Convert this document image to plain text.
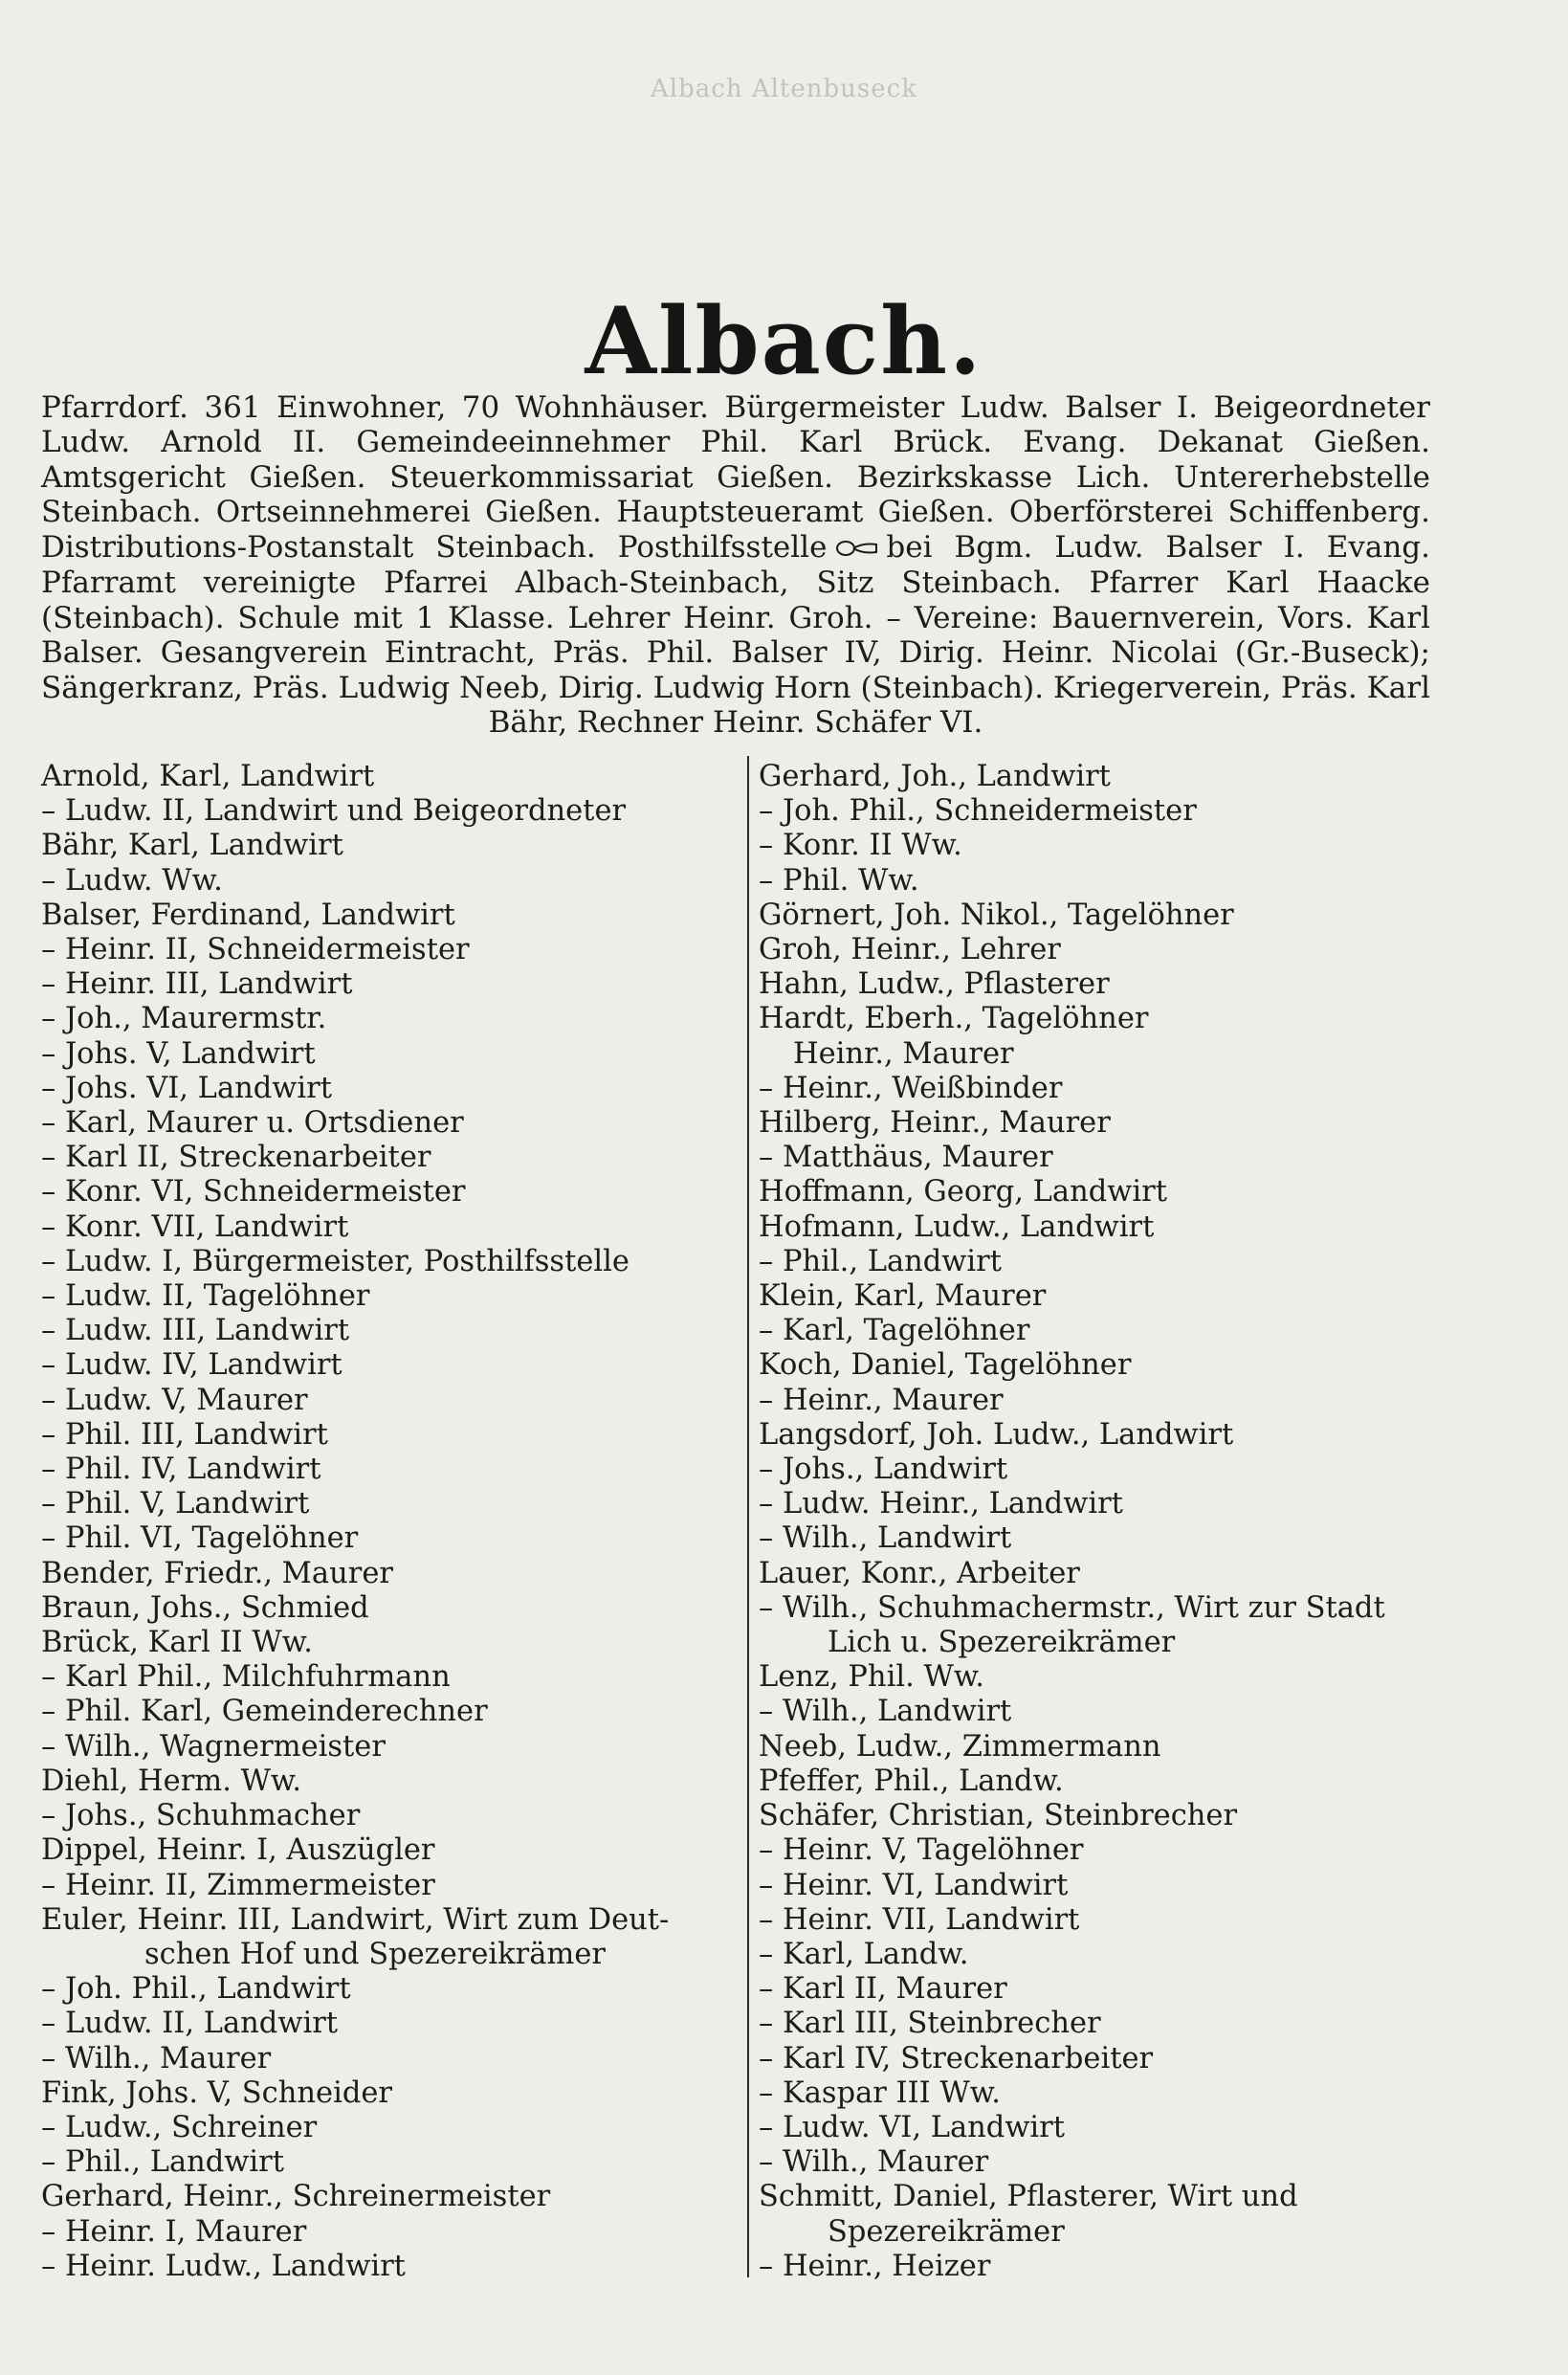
Albach Altenbuseck
Albach.

Pfarrdorf. 361 Einwohner, 70 Wohnhäuser. Bürgermeister Ludw. Balser I. Beigeordneter Ludw. Arnold II. Gemeindeeinnehmer Phil. Karl Brück. Evang. Dekanat Gießen. Amtsgericht Gießen. Steuerkommissariat Gießen. Bezirkskasse Lich. Untererhebstelle Steinbach. Ortseinnehmerei Gießen. Hauptsteueramt Gießen. Oberförsterei Schiffenberg. Distributions-Postanstalt Steinbach. Posthilfsstelle bei Bgm. Ludw. Balser I. Evang. Pfarramt vereinigte Pfarrei Albach-Steinbach, Sitz Steinbach. Pfarrer Karl Haacke (Steinbach). Schule mit 1 Klasse. Lehrer Heinr. Groh. – Vereine: Bauernverein, Vors. Karl Balser. Gesangverein Eintracht, Präs. Phil. Balser IV, Dirig. Heinr. Nicolai (Gr.-Buseck); Sängerkranz, Präs. Ludwig Neeb, Dirig. Ludwig Horn (Steinbach). Kriegerverein, Präs. Karl Bähr, Rechner Heinr. Schäfer VI.

Arnold, Karl, Landwirt
– Ludw. II, Landwirt und Beigeordneter
Bähr, Karl, Landwirt
– Ludw. Ww.
Balser, Ferdinand, Landwirt
– Heinr. II, Schneidermeister
– Heinr. III, Landwirt
– Joh., Maurermstr.
– Johs. V, Landwirt
– Johs. VI, Landwirt
– Karl, Maurer u. Ortsdiener
– Karl II, Streckenarbeiter
– Konr. VI, Schneidermeister
– Konr. VII, Landwirt
– Ludw. I, Bürgermeister, Posthilfsstelle
– Ludw. II, Tagelöhner
– Ludw. III, Landwirt
– Ludw. IV, Landwirt
– Ludw. V, Maurer
– Phil. III, Landwirt
– Phil. IV, Landwirt
– Phil. V, Landwirt
– Phil. VI, Tagelöhner
Bender, Friedr., Maurer
Braun, Johs., Schmied
Brück, Karl II Ww.
– Karl Phil., Milchfuhrmann
– Phil. Karl, Gemeinderechner
– Wilh., Wagnermeister
Diehl, Herm. Ww.
– Johs., Schuhmacher
Dippel, Heinr. I, Auszügler
– Heinr. II, Zimmermeister
Euler, Heinr. III, Landwirt, Wirt zum Deut-
schen Hof und Spezereikrämer
– Joh. Phil., Landwirt
– Ludw. II, Landwirt
– Wilh., Maurer
Fink, Johs. V, Schneider
– Ludw., Schreiner
– Phil., Landwirt
Gerhard, Heinr., Schreinermeister
– Heinr. I, Maurer
– Heinr. Ludw., Landwirt
Gerhard, Joh., Landwirt
– Joh. Phil., Schneidermeister
– Konr. II Ww.
– Phil. Ww.
Görnert, Joh. Nikol., Tagelöhner
Groh, Heinr., Lehrer
Hahn, Ludw., Pflasterer
Hardt, Eberh., Tagelöhner
Heinr., Maurer
– Heinr., Weißbinder
Hilberg, Heinr., Maurer
– Matthäus, Maurer
Hoffmann, Georg, Landwirt
Hofmann, Ludw., Landwirt
– Phil., Landwirt
Klein, Karl, Maurer
– Karl, Tagelöhner
Koch, Daniel, Tagelöhner
– Heinr., Maurer
Langsdorf, Joh. Ludw., Landwirt
– Johs., Landwirt
– Ludw. Heinr., Landwirt
– Wilh., Landwirt
Lauer, Konr., Arbeiter
– Wilh., Schuhmachermstr., Wirt zur Stadt
Lich u. Spezereikrämer
Lenz, Phil. Ww.
– Wilh., Landwirt
Neeb, Ludw., Zimmermann
Pfeffer, Phil., Landw.
Schäfer, Christian, Steinbrecher
– Heinr. V, Tagelöhner
– Heinr. VI, Landwirt
– Heinr. VII, Landwirt
– Karl, Landw.
– Karl II, Maurer
– Karl III, Steinbrecher
– Karl IV, Streckenarbeiter
– Kaspar III Ww.
– Ludw. VI, Landwirt
– Wilh., Maurer
Schmitt, Daniel, Pflasterer, Wirt und
Spezereikrämer
– Heinr., Heizer
